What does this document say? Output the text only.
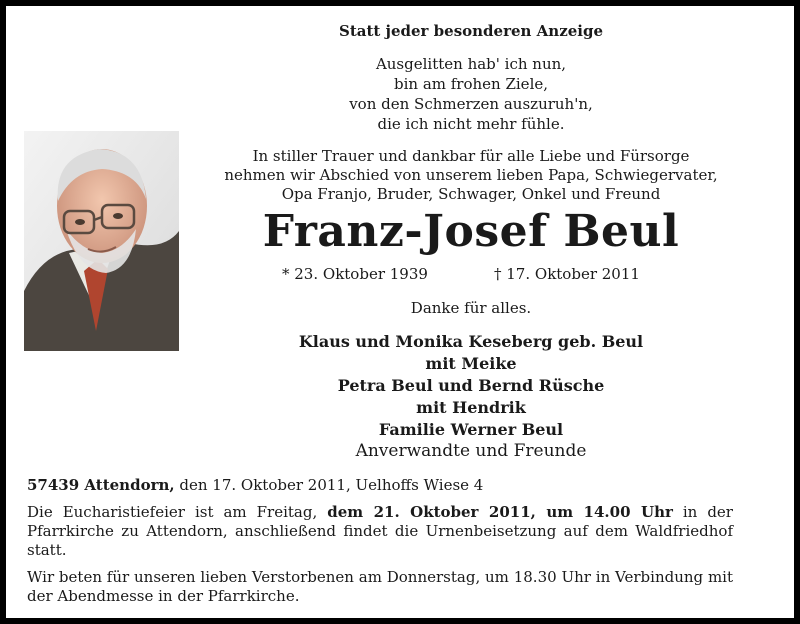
Statt jeder besonderen Anzeige
Ausgelitten hab' ich nun,
bin am frohen Ziele,
von den Schmerzen auszuruh'n,
die ich nicht mehr fühle.
In stiller Trauer und dankbar für alle Liebe und Fürsorge
nehmen wir Abschied von unserem lieben Papa, Schwiegervater,
Opa Franjo, Bruder, Schwager, Onkel und Freund
Franz-Josef Beul
* 23. Oktober 1939	† 17. Oktober 2011
Danke für alles.
Klaus und Monika Keseberg geb. Beul
mit Meike
Petra Beul und Bernd Rüsche
mit Hendrik
Familie Werner Beul
Anverwandte und Freunde
57439 Attendorn, den 17. Oktober 2011, Uelhoffs Wiese 4
Die Eucharistiefeier ist am Freitag, dem 21. Oktober 2011, um 14.00 Uhr in der Pfarrkirche zu Attendorn, anschließend findet die Urnenbeisetzung auf dem Waldfriedhof statt.
Wir beten für unseren lieben Verstorbenen am Donnerstag, um 18.30 Uhr in Verbindung mit der Abendmesse in der Pfarrkirche.
